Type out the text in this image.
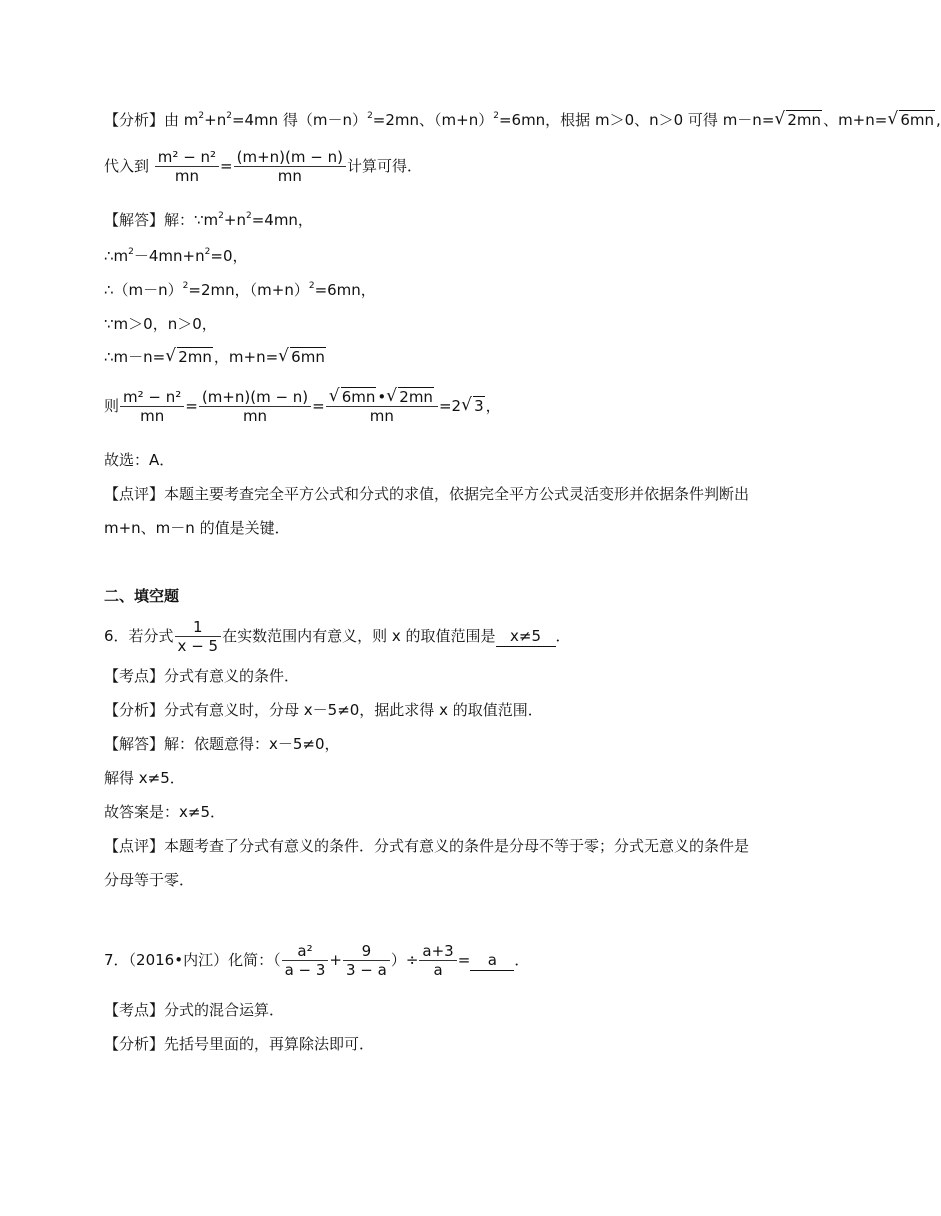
【分析】由 $m^2+n^2=4mn$ 得$(m-n)^2=2mn$、$(m+n)^2=6mn$，根据 m＞0、n＞0 可得 m－n=√ 2mn 、m+n=√ 6mn ,
代入到 $\frac{\text{m² − n²}}{mn} = \frac{(m+n)(m - n)}{mn}$ 计算可得．
【解答】解：$\because m^2+n^2=4mn$，
$\therefore m^2-4mn+n^2=0$，
$\therefore(m-n)^2=2mn$，$(m+n)^2=6mn$，
∵m＞0，n＞0，
∴m－n=√ 2mn ，m+n=√ 6mn
则 $\frac{\text{m² − n²}}{mn} = \frac{(m+n)(m - n)}{mn}$ =
√ $\frac{6mn •√ 2mn}{mn} =2√$ 3 ，
故选：A．
【点评】本题主要考查完全平方公式和分式的求值，依据完全平方公式灵活变形并依据条件判断出
m+n、m－n 的值是关键．
二、填空题
6．若分式 $\frac{1}{x - 5}$ 在实数范围内有意义，则 x 的取值范围是 x≠5 ．
【考点】分式有意义的条件．
【分析】分式有意义时，分母 x－5≠0，据此求得 x 的取值范围．
【解答】解：依题意得：x－5≠0，
解得 x≠5．
故答案是：x≠5．
【点评】本题考查了分式有意义的条件．分式有意义的条件是分母不等于零；分式无意义的条件是
分母等于零．
7．（2016•内江）化简：（ $\frac{\text{a²}}{a - 3} + \frac{9}{3 - a}$ ）÷ $\frac{a+3}{a} = a$ ．
【考点】分式的混合运算．
【分析】先括号里面的，再算除法即可．
